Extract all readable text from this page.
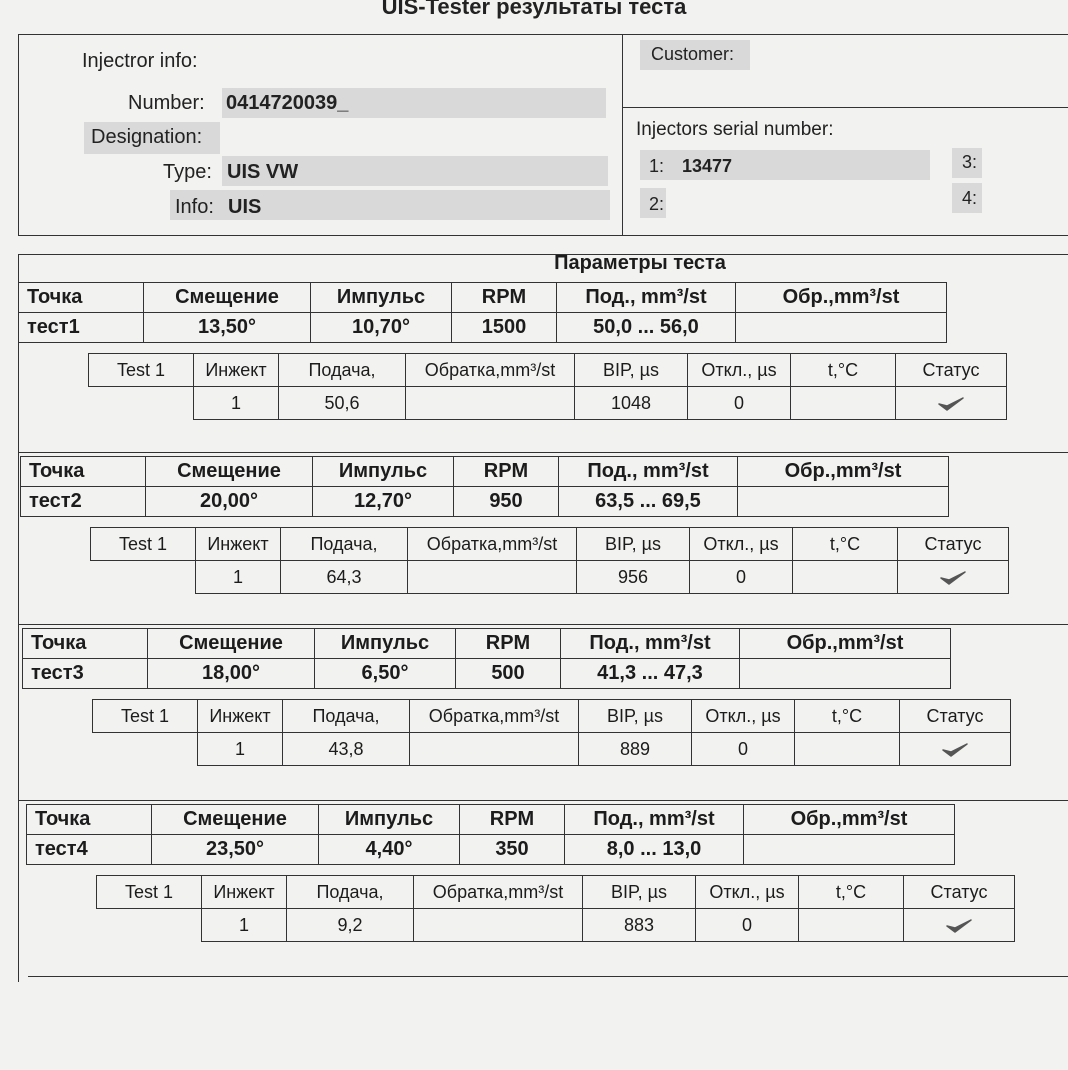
UIS-Tester результаты теста
Injectror info:
Number: 0414720039_
Designation:
Type: UIS VW
Info: UIS
Customer:
Injectors serial number:
1: 13477
2:
3:
4:
Параметры теста
Точка	Смещение	Импульс	RPM	Под., mm³/st	Обр.,mm³/st
тест1	13,50°	10,70°	1500	50,0 ... 56,0	
Test 1	Инжект	Подача,	Обратка,mm³/st	BIP, µs	Откл., µs	t,°C	Статус
	1	50,6		1048	0		
Точка	Смещение	Импульс	RPM	Под., mm³/st	Обр.,mm³/st
тест2	20,00°	12,70°	950	63,5 ... 69,5	
Test 1	Инжект	Подача,	Обратка,mm³/st	BIP, µs	Откл., µs	t,°C	Статус
	1	64,3		956	0		
Точка	Смещение	Импульс	RPM	Под., mm³/st	Обр.,mm³/st
тест3	18,00°	6,50°	500	41,3 ... 47,3	
Test 1	Инжект	Подача,	Обратка,mm³/st	BIP, µs	Откл., µs	t,°C	Статус
	1	43,8		889	0		
Точка	Смещение	Импульс	RPM	Под., mm³/st	Обр.,mm³/st
тест4	23,50°	4,40°	350	8,0 ... 13,0	
Test 1	Инжект	Подача,	Обратка,mm³/st	BIP, µs	Откл., µs	t,°C	Статус
	1	9,2		883	0		
